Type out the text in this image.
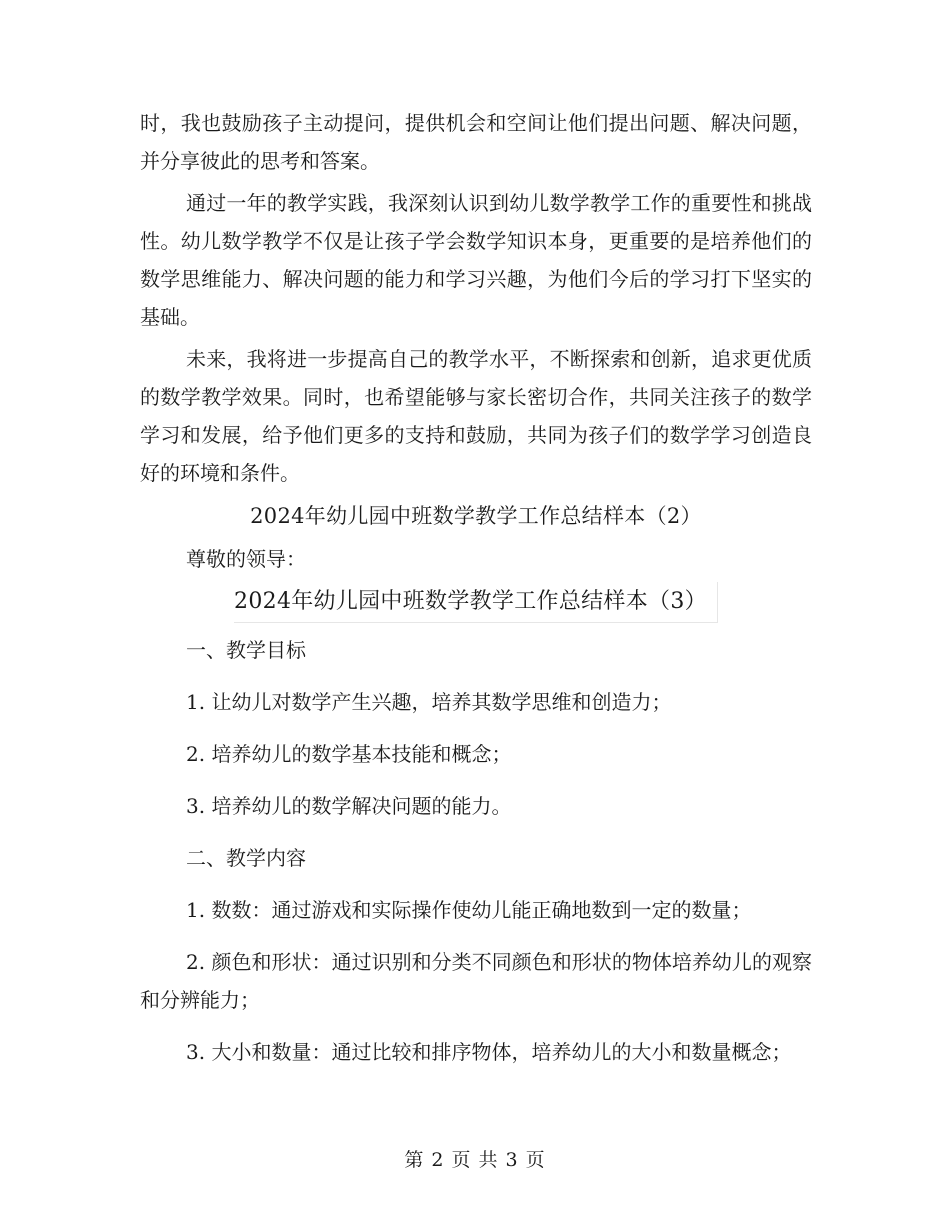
时，我也鼓励孩子主动提问，提供机会和空间让他们提出问题、解决问题，并分享彼此的思考和答案。

通过一年的教学实践，我深刻认识到幼儿数学教学工作的重要性和挑战性。幼儿数学教学不仅是让孩子学会数学知识本身，更重要的是培养他们的数学思维能力、解决问题的能力和学习兴趣，为他们今后的学习打下坚实的基础。

未来，我将进一步提高自己的教学水平，不断探索和创新，追求更优质的数学教学效果。同时，也希望能够与家长密切合作，共同关注孩子的数学学习和发展，给予他们更多的支持和鼓励，共同为孩子们的数学学习创造良好的环境和条件。

2024年幼儿园中班数学教学工作总结样本（2）

尊敬的领导：

2024年幼儿园中班数学教学工作总结样本（3）

一、教学目标

1. 让幼儿对数学产生兴趣，培养其数学思维和创造力；

2. 培养幼儿的数学基本技能和概念；

3. 培养幼儿的数学解决问题的能力。

二、教学内容

1. 数数：通过游戏和实际操作使幼儿能正确地数到一定的数量；

2. 颜色和形状：通过识别和分类不同颜色和形状的物体培养幼儿的观察和分辨能力；

3. 大小和数量：通过比较和排序物体，培养幼儿的大小和数量概念；

第 2 页 共 3 页
